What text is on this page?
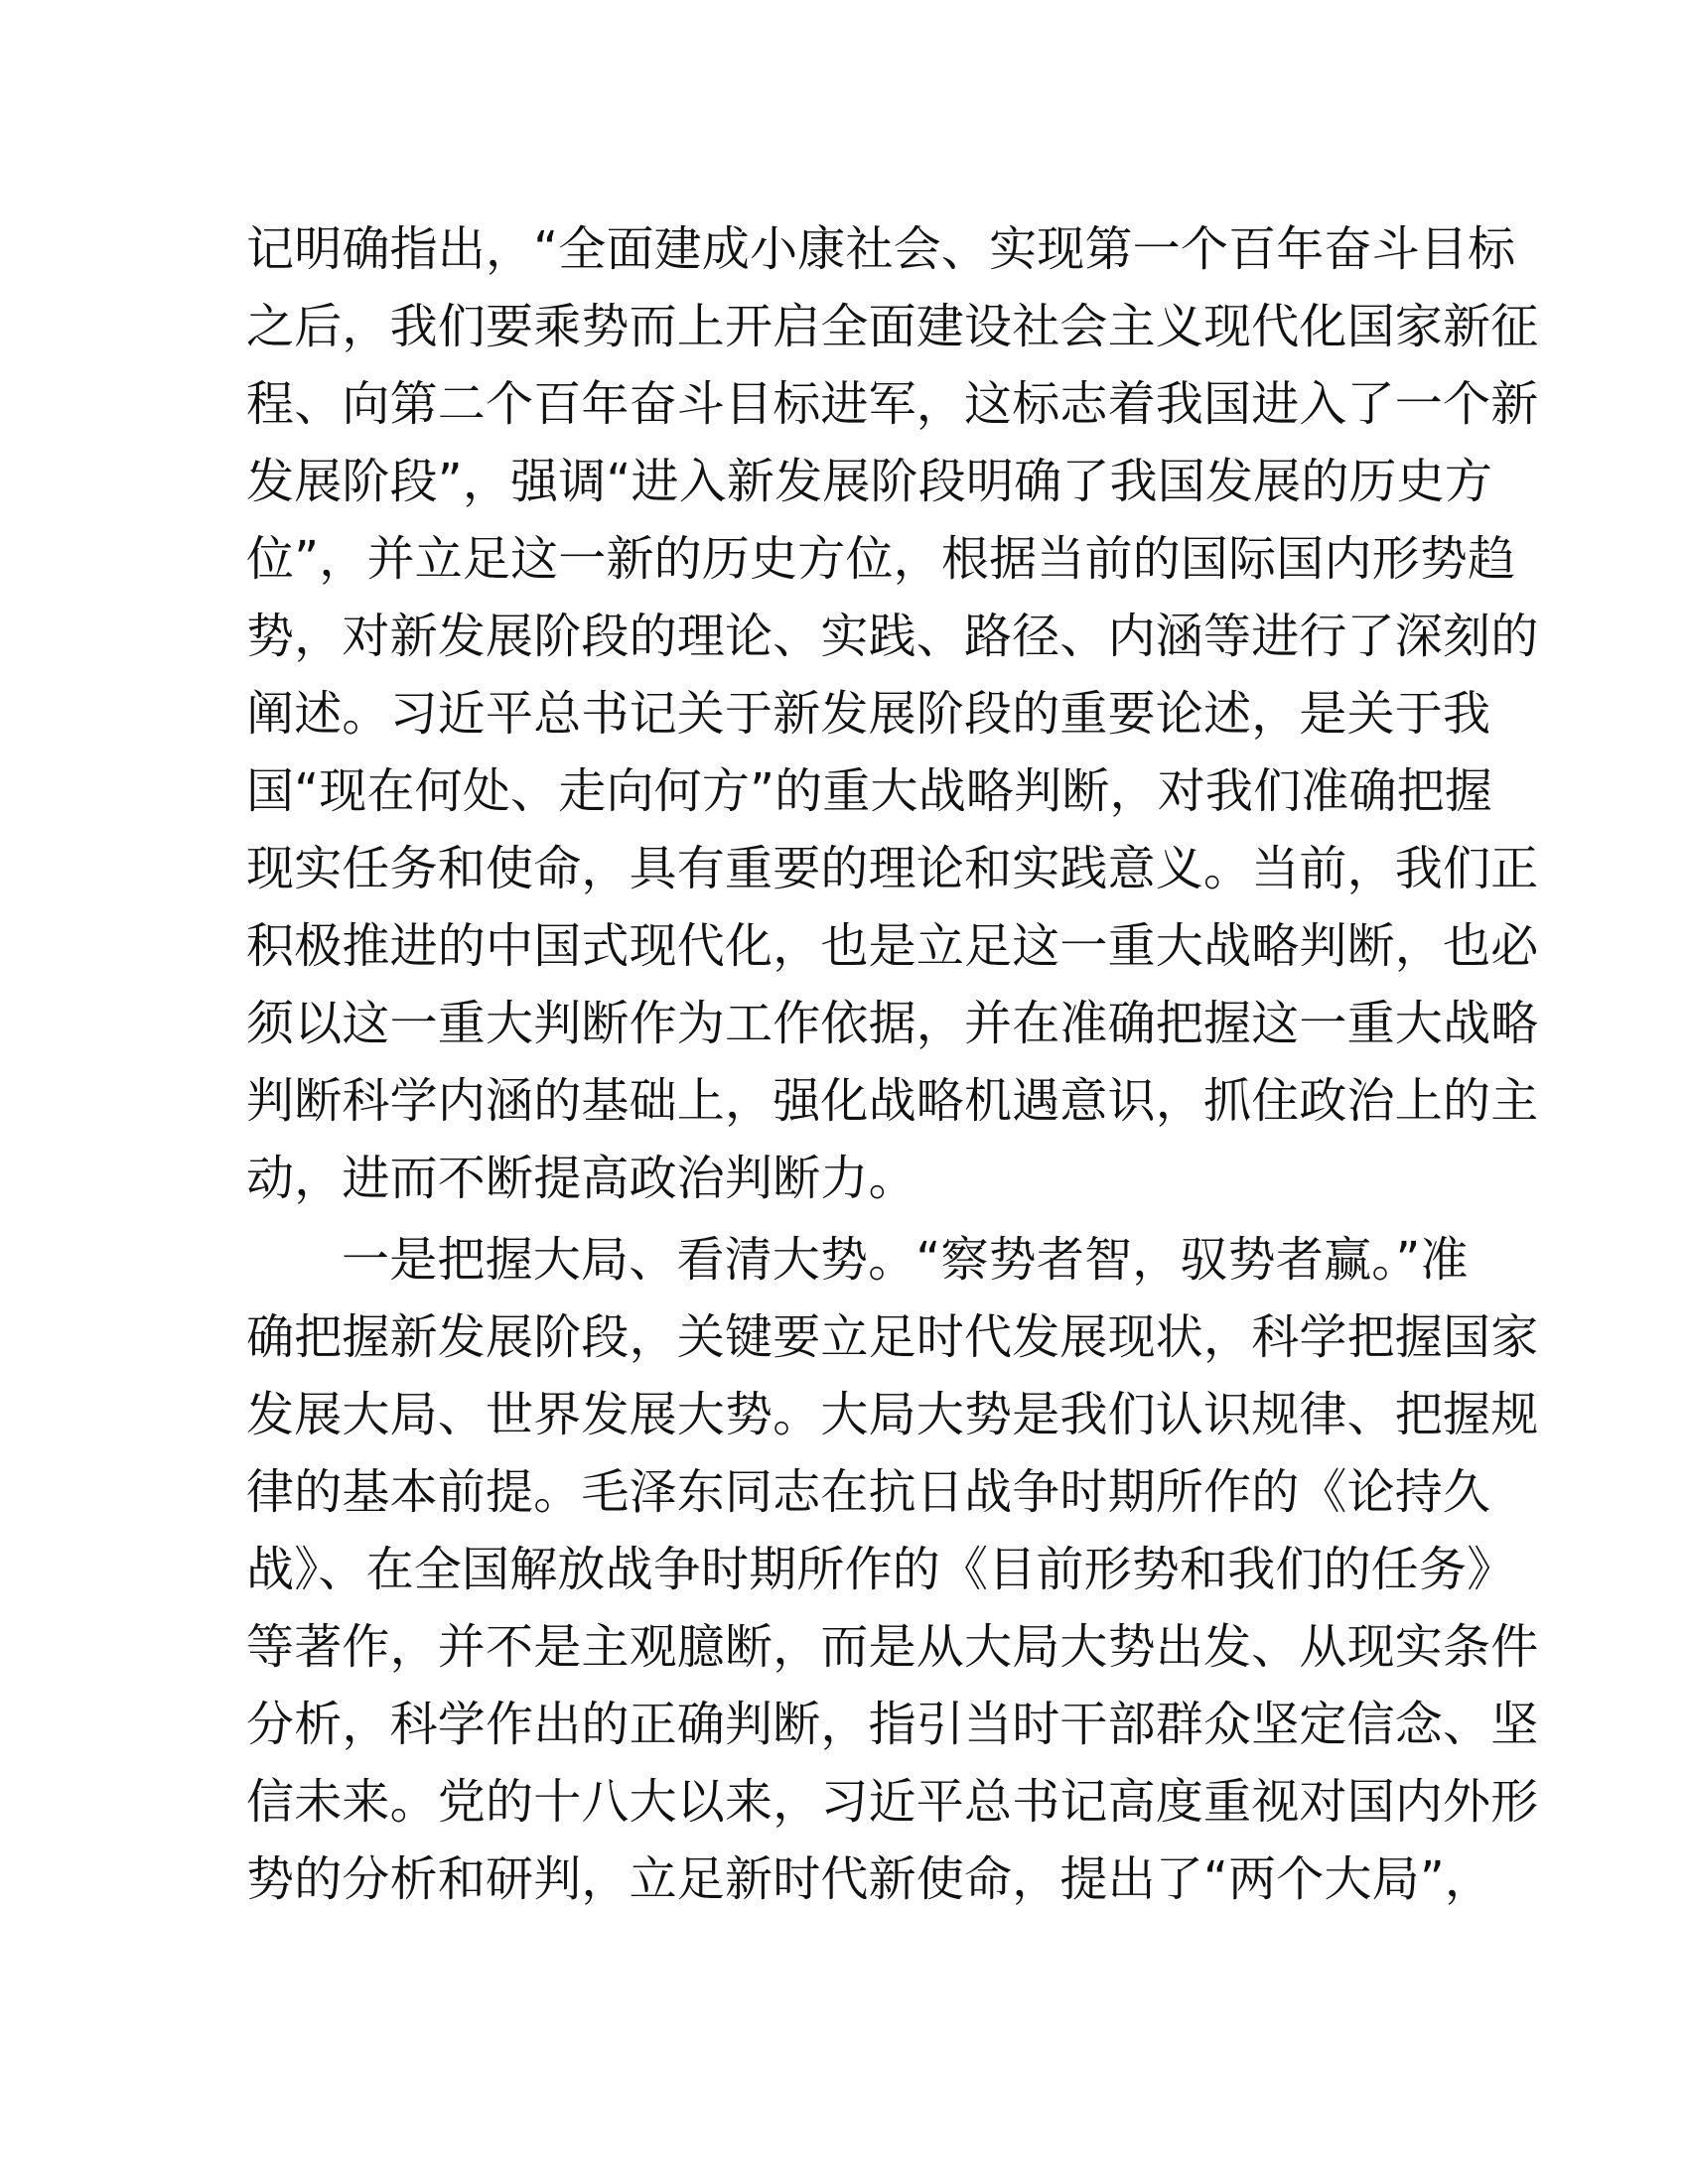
记明确指出，“全面建成小康社会、实现第一个百年奋斗目标
之后，我们要乘势而上开启全面建设社会主义现代化国家新征
程、向第二个百年奋斗目标进军，这标志着我国进入了一个新
发展阶段”，强调“进入新发展阶段明确了我国发展的历史方
位”，并立足这一新的历史方位，根据当前的国际国内形势趋
势，对新发展阶段的理论、实践、路径、内涵等进行了深刻的
阐述。习近平总书记关于新发展阶段的重要论述，是关于我
国“现在何处、走向何方”的重大战略判断，对我们准确把握
现实任务和使命，具有重要的理论和实践意义。当前，我们正
积极推进的中国式现代化，也是立足这一重大战略判断，也必
须以这一重大判断作为工作依据，并在准确把握这一重大战略
判断科学内涵的基础上，强化战略机遇意识，抓住政治上的主
动，进而不断提高政治判断力。
一是把握大局、看清大势。“察势者智，驭势者赢。”准
确把握新发展阶段，关键要立足时代发展现状，科学把握国家
发展大局、世界发展大势。大局大势是我们认识规律、把握规
律的基本前提。毛泽东同志在抗日战争时期所作的《论持久
战》、在全国解放战争时期所作的《目前形势和我们的任务》
等著作，并不是主观臆断，而是从大局大势出发、从现实条件
分析，科学作出的正确判断，指引当时干部群众坚定信念、坚
信未来。党的十八大以来，习近平总书记高度重视对国内外形
势的分析和研判，立足新时代新使命，提出了“两个大局”，
